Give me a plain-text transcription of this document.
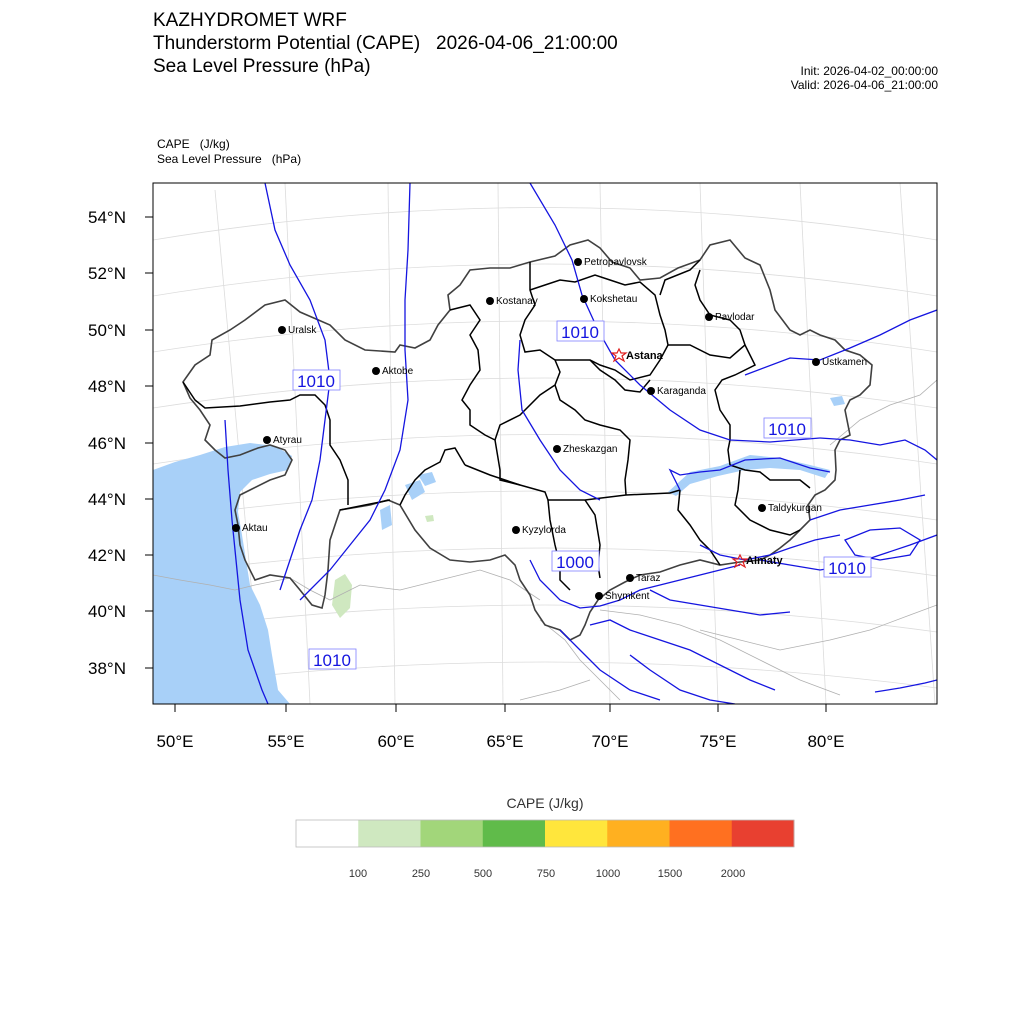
KAZHYDROMET WRF
Thunderstorm Potential (CAPE) 2026-04-06_21:00:00
Sea Level Pressure (hPa)	Init: 2026-04-02_00:00:00
Valid: 2026-04-06_21:00:00
CAPE (J/kg)
Sea Level Pressure (hPa)
54°N
52°N
50°N
48°N
46°N
44°N
42°N
40°N
38°N
50°E	55°E	60°E	65°E	70°E	75°E	80°E
1010
1010
1010
1000	1010
1010
Petropavlovsk
Kostanay	Kokshetau
Pavlodar
Uralsk
Astana
Ustkamen
Aktobe
Karaganda
Atyrau
Zheskazgan
Taldykurgan
Aktau	Kyzylorda
Almaty
Taraz
Shymkent
CAPE (J/kg)
100	250	500	750	1000	1500	2000
